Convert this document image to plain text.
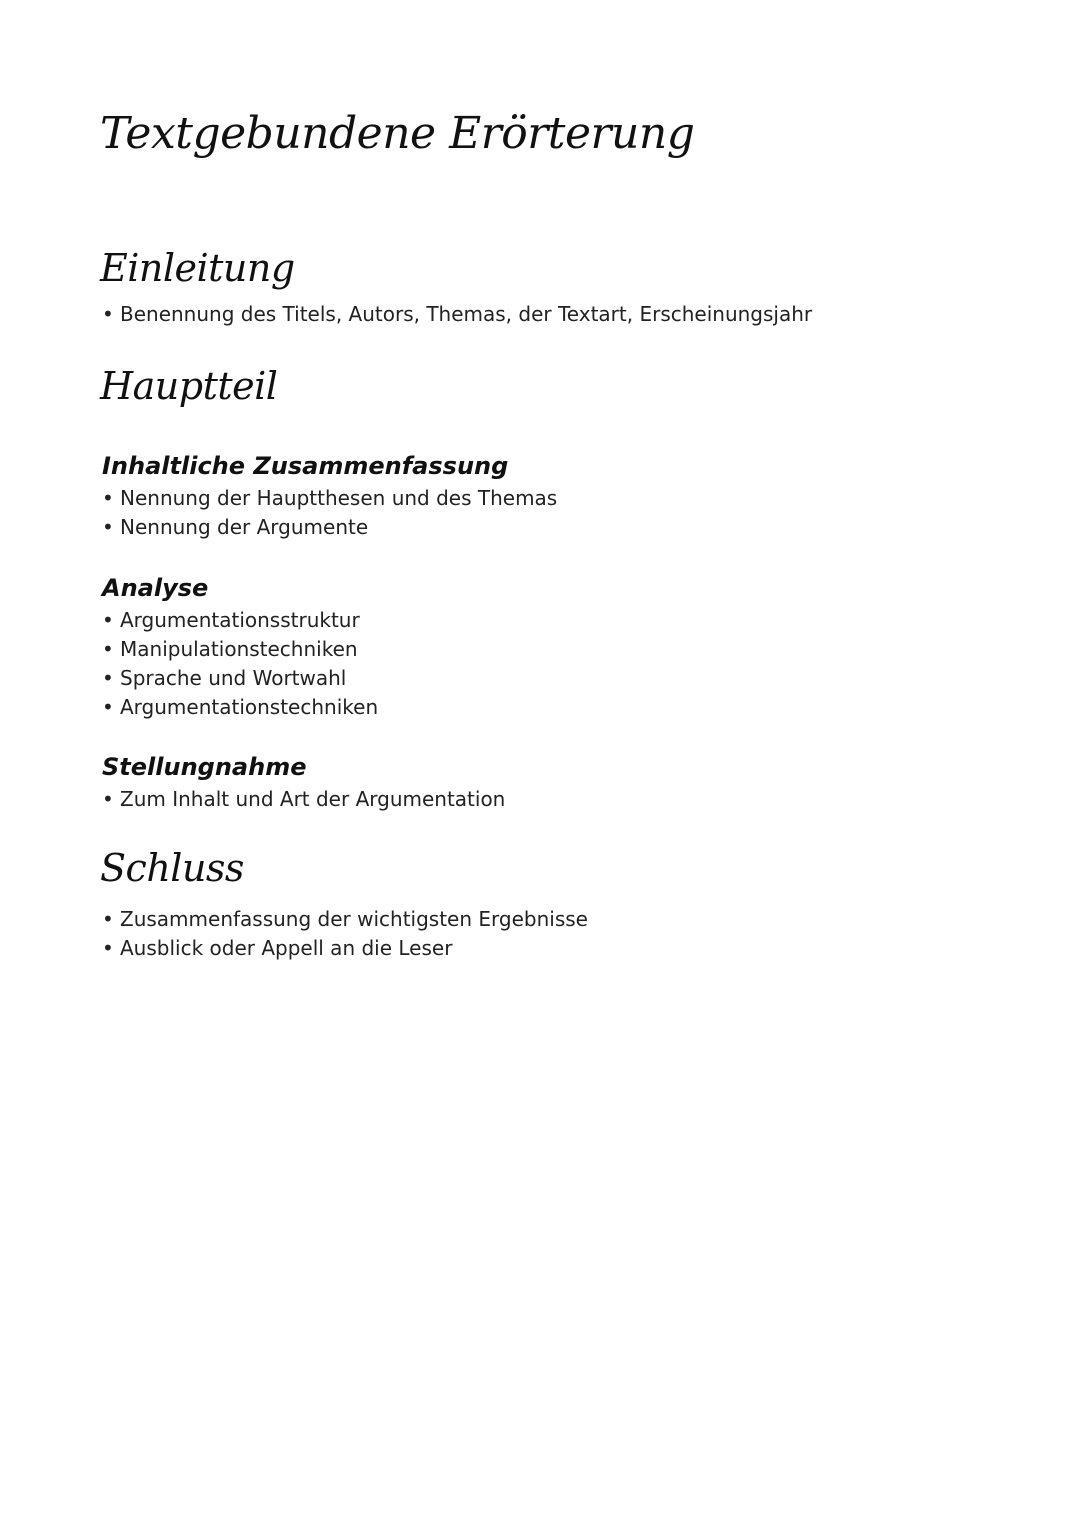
Textgebundene Erörterung
Einleitung
• Benennung des Titels, Autors, Themas, der Textart, Erscheinungsjahr
Hauptteil
Inhaltliche Zusammenfassung
• Nennung der Hauptthesen und des Themas
• Nennung der Argumente
Analyse
• Argumentationsstruktur
• Manipulationstechniken
• Sprache und Wortwahl
• Argumentationstechniken
Stellungnahme
• Zum Inhalt und Art der Argumentation
Schluss
• Zusammenfassung der wichtigsten Ergebnisse
• Ausblick oder Appell an die Leser
